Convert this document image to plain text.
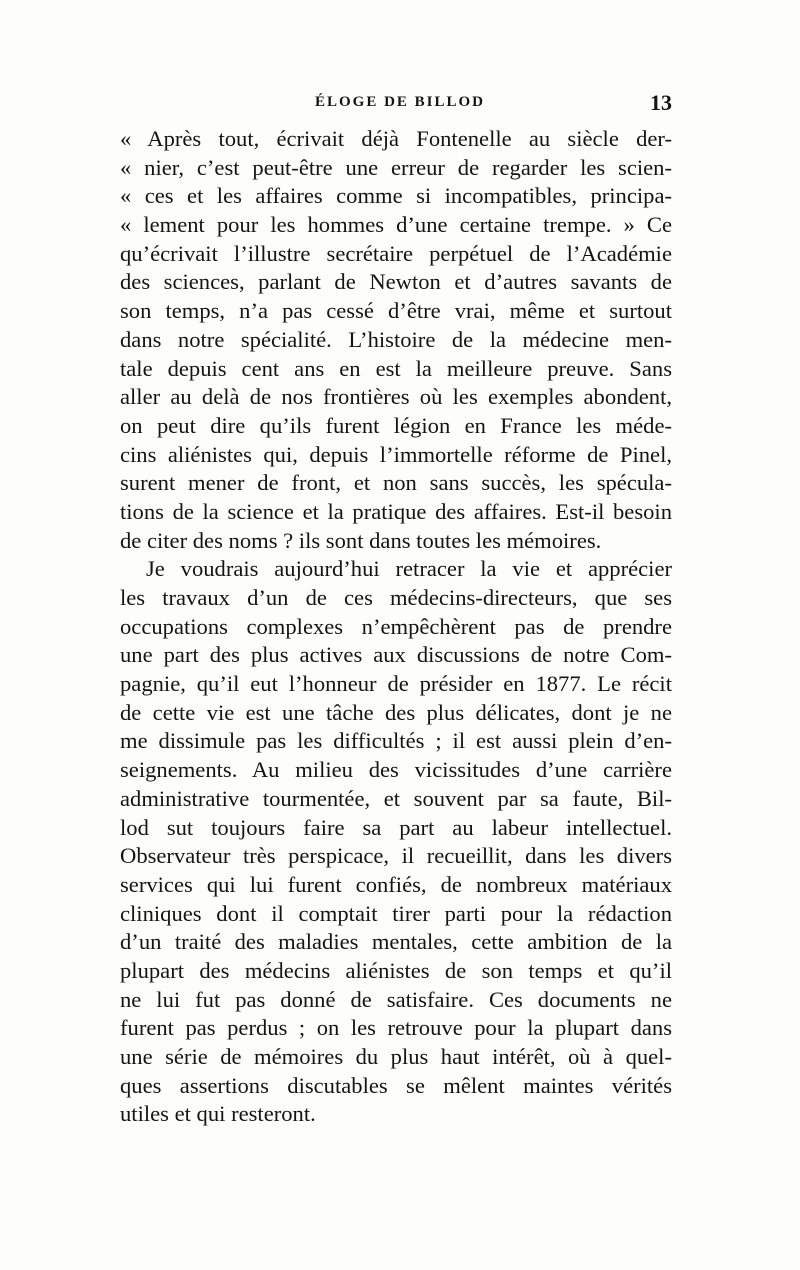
ÉLOGE DE BILLOD	13
« Après tout, écrivait déjà Fontenelle au siècle der-
« nier, c’est peut-être une erreur de regarder les scien-
« ces et les affaires comme si incompatibles, principa-
« lement pour les hommes d’une certaine trempe. » Ce
qu’écrivait l’illustre secrétaire perpétuel de l’Académie
des sciences, parlant de Newton et d’autres savants de
son temps, n’a pas cessé d’être vrai, même et surtout
dans notre spécialité. L’histoire de la médecine men-
tale depuis cent ans en est la meilleure preuve. Sans
aller au delà de nos frontières où les exemples abondent,
on peut dire qu’ils furent légion en France les méde-
cins aliénistes qui, depuis l’immortelle réforme de Pinel,
surent mener de front, et non sans succès, les spécula-
tions de la science et la pratique des affaires. Est-il besoin
de citer des noms ? ils sont dans toutes les mémoires.
Je voudrais aujourd’hui retracer la vie et apprécier
les travaux d’un de ces médecins-directeurs, que ses
occupations complexes n’empêchèrent pas de prendre
une part des plus actives aux discussions de notre Com-
pagnie, qu’il eut l’honneur de présider en 1877. Le récit
de cette vie est une tâche des plus délicates, dont je ne
me dissimule pas les difficultés ; il est aussi plein d’en-
seignements. Au milieu des vicissitudes d’une carrière
administrative tourmentée, et souvent par sa faute, Bil-
lod sut toujours faire sa part au labeur intellectuel.
Observateur très perspicace, il recueillit, dans les divers
services qui lui furent confiés, de nombreux matériaux
cliniques dont il comptait tirer parti pour la rédaction
d’un traité des maladies mentales, cette ambition de la
plupart des médecins aliénistes de son temps et qu’il
ne lui fut pas donné de satisfaire. Ces documents ne
furent pas perdus ; on les retrouve pour la plupart dans
une série de mémoires du plus haut intérêt, où à quel-
ques assertions discutables se mêlent maintes vérités
utiles et qui resteront.
